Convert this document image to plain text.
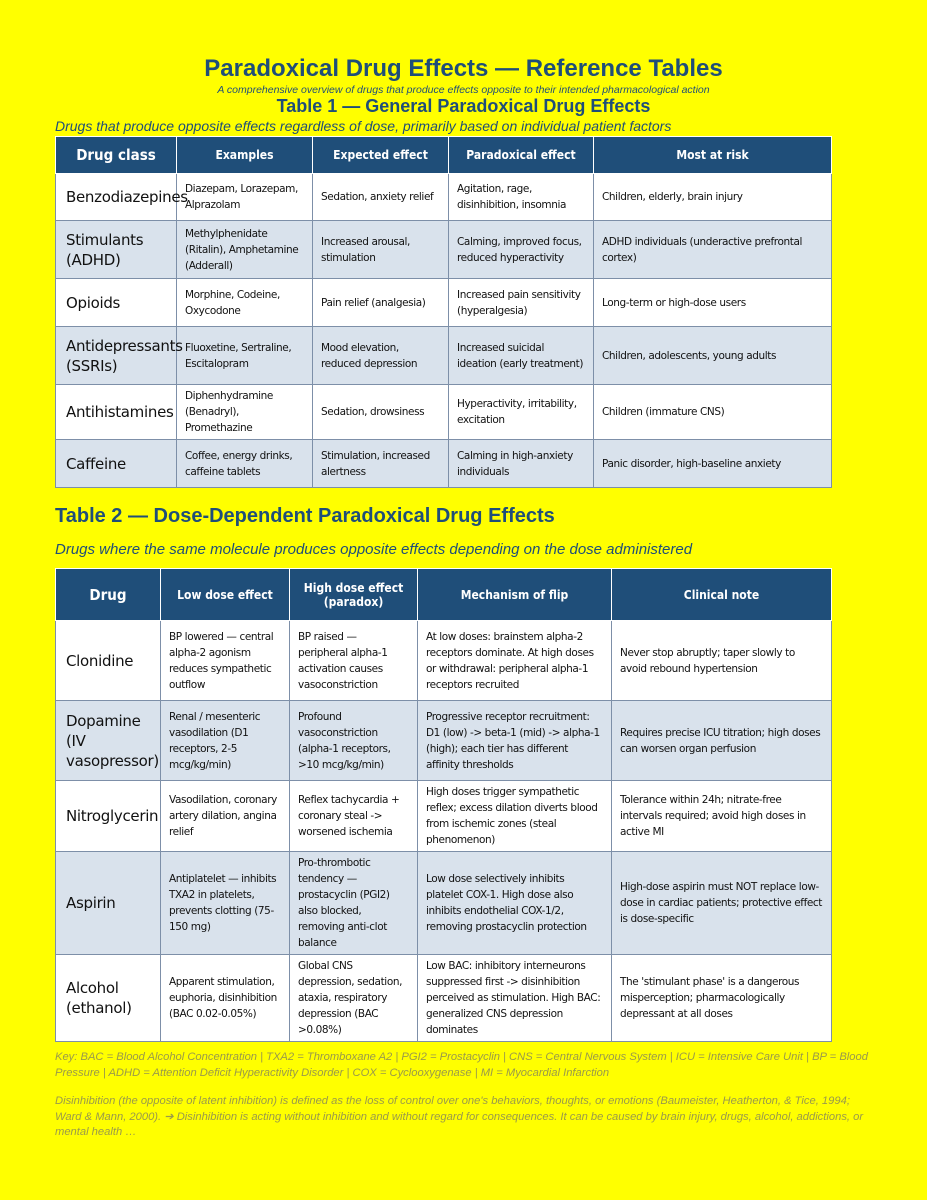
Paradoxical Drug Effects — Reference Tables
A comprehensive overview of drugs that produce effects opposite to their intended pharmacological action
Table 1 — General Paradoxical Drug Effects
Drugs that produce opposite effects regardless of dose, primarily based on individual patient factors
Drug class	Examples	Expected effect	Paradoxical effect	Most at risk
Benzodiazepines	Diazepam, Lorazepam, Alprazolam	Sedation, anxiety relief	Agitation, rage, disinhibition, insomnia	Children, elderly, brain injury
Stimulants (ADHD)	Methylphenidate (Ritalin), Amphetamine (Adderall)	Increased arousal, stimulation	Calming, improved focus, reduced hyperactivity	ADHD individuals (underactive prefrontal cortex)
Opioids	Morphine, Codeine, Oxycodone	Pain relief (analgesia)	Increased pain sensitivity (hyperalgesia)	Long-term or high-dose users
Antidepressants (SSRIs)	Fluoxetine, Sertraline, Escitalopram	Mood elevation, reduced depression	Increased suicidal ideation (early treatment)	Children, adolescents, young adults
Antihistamines	Diphenhydramine (Benadryl), Promethazine	Sedation, drowsiness	Hyperactivity, irritability, excitation	Children (immature CNS)
Caffeine	Coffee, energy drinks, caffeine tablets	Stimulation, increased alertness	Calming in high-anxiety individuals	Panic disorder, high-baseline anxiety
Table 2 — Dose-Dependent Paradoxical Drug Effects
Drugs where the same molecule produces opposite effects depending on the dose administered
Drug	Low dose effect	High dose effect (paradox)	Mechanism of flip	Clinical note
Clonidine	BP lowered — central alpha-2 agonism reduces sympathetic outflow	BP raised — peripheral alpha-1 activation causes vasoconstriction	At low doses: brainstem alpha-2 receptors dominate. At high doses or withdrawal: peripheral alpha-1 receptors recruited	Never stop abruptly; taper slowly to avoid rebound hypertension
Dopamine (IV vasopressor)	Renal / mesenteric vasodilation (D1 receptors, 2-5 mcg/kg/min)	Profound vasoconstriction (alpha-1 receptors, >10 mcg/kg/min)	Progressive receptor recruitment: D1 (low) -> beta-1 (mid) -> alpha-1 (high); each tier has different affinity thresholds	Requires precise ICU titration; high doses can worsen organ perfusion
Nitroglycerin	Vasodilation, coronary artery dilation, angina relief	Reflex tachycardia + coronary steal -> worsened ischemia	High doses trigger sympathetic reflex; excess dilation diverts blood from ischemic zones (steal phenomenon)	Tolerance within 24h; nitrate-free intervals required; avoid high doses in active MI
Aspirin	Antiplatelet — inhibits TXA2 in platelets, prevents clotting (75-150 mg)	Pro-thrombotic tendency — prostacyclin (PGI2) also blocked, removing anti-clot balance	Low dose selectively inhibits platelet COX-1. High dose also inhibits endothelial COX-1/2, removing prostacyclin protection	High-dose aspirin must NOT replace low-dose in cardiac patients; protective effect is dose-specific
Alcohol (ethanol)	Apparent stimulation, euphoria, disinhibition (BAC 0.02-0.05%)	Global CNS depression, sedation, ataxia, respiratory depression (BAC >0.08%)	Low BAC: inhibitory interneurons suppressed first -> disinhibition perceived as stimulation. High BAC: generalized CNS depression dominates	The 'stimulant phase' is a dangerous misperception; pharmacologically depressant at all doses
Key: BAC = Blood Alcohol Concentration | TXA2 = Thromboxane A2 | PGI2 = Prostacyclin | CNS = Central Nervous System | ICU = Intensive Care Unit | BP = Blood Pressure | ADHD = Attention Deficit Hyperactivity Disorder | COX = Cyclooxygenase | MI = Myocardial Infarction
Disinhibition (the opposite of latent inhibition) is defined as the loss of control over one's behaviors, thoughts, or emotions (Baumeister, Heatherton, & Tice, 1994; Ward & Mann, 2000). ➔ Disinhibition is acting without inhibition and without regard for consequences. It can be caused by brain injury, drugs, alcohol, addictions, or mental health …
